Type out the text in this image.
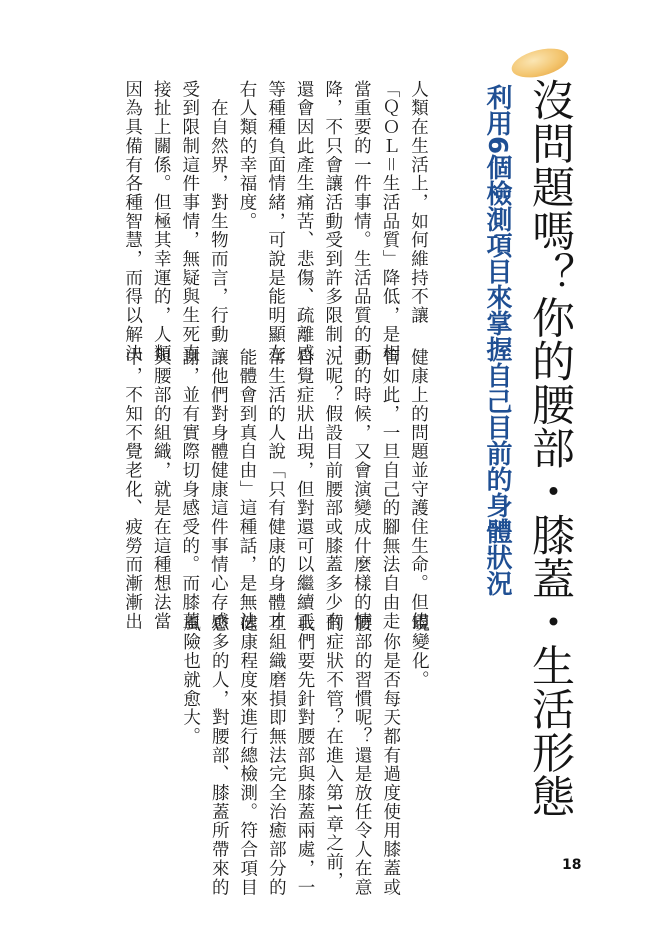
沒問題嗎？你的腰部・膝蓋・生活形態
利用6個檢測項目來掌握自己目前的身體狀況
人類在生活上，如何維持不讓
「ＱＯＬ＝生活品質」降低，是相
當重要的一件事情。生活品質的下
降，不只會讓活動受到許多限制，
還會因此產生痛苦、悲傷、疏離感
等種種負面情緒，可說是能明顯左
右人類的幸福度。
　在自然界，對生物而言，行動
受到限制這件事情，無疑與生死直
接扯上關係。但極其幸運的，人類
因為具備有各種智慧，而得以解決
健康上的問題並守護住生命。但儘
管如此，一旦自己的腳無法自由走
動的時候，又會演變成什麼樣的情
況呢？假設目前腰部或膝蓋多少有
自覺症狀出現，但對還可以繼續正
常生活的人說「只有健康的身體才
能體會到真自由」這種話，是無法
讓他們對身體健康這件事情心存感
謝，並有實際切身感受的。而膝蓋
與腰部的組織，就是在這種想法當
中，不知不覺老化、疲勞而漸漸出
現變化。
　你是否每天都有過度使用膝蓋或
腰部的習慣呢？還是放任令人在意
的症狀不管？在進入第1章之前，
我們要先針對腰部與膝蓋兩處，一
旦組織磨損即無法完全治癒部分的
健康程度來進行總檢測。符合項目
愈多的人，對腰部、膝蓋所帶來的
風險也就愈大。
18
